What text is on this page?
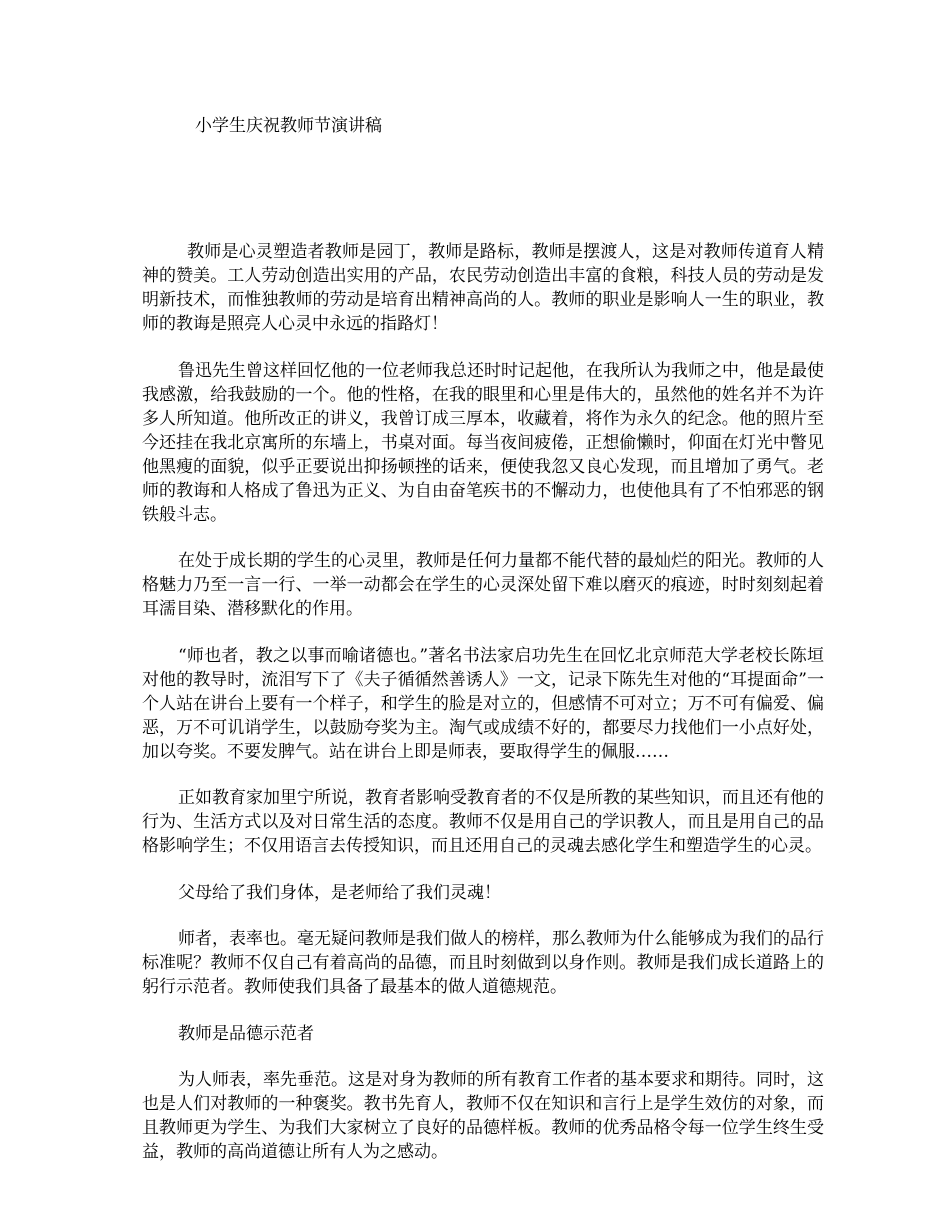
小学生庆祝教师节演讲稿

教师是心灵塑造者教师是园丁，教师是路标，教师是摆渡人，这是对教师传道育人精神的赞美。工人劳动创造出实用的产品，农民劳动创造出丰富的食粮，科技人员的劳动是发明新技术，而惟独教师的劳动是培育出精神高尚的人。教师的职业是影响人一生的职业，教师的教诲是照亮人心灵中永远的指路灯！

鲁迅先生曾这样回忆他的一位老师我总还时时记起他，在我所认为我师之中，他是最使我感激，给我鼓励的一个。他的性格，在我的眼里和心里是伟大的，虽然他的姓名并不为许多人所知道。他所改正的讲义，我曾订成三厚本，收藏着，将作为永久的纪念。他的照片至今还挂在我北京寓所的东墙上，书桌对面。每当夜间疲倦，正想偷懒时，仰面在灯光中瞥见他黑瘦的面貌，似乎正要说出抑扬顿挫的话来，便使我忽又良心发现，而且增加了勇气。老师的教诲和人格成了鲁迅为正义、为自由奋笔疾书的不懈动力，也使他具有了不怕邪恶的钢铁般斗志。

在处于成长期的学生的心灵里，教师是任何力量都不能代替的最灿烂的阳光。教师的人格魅力乃至一言一行、一举一动都会在学生的心灵深处留下难以磨灭的痕迹，时时刻刻起着耳濡目染、潜移默化的作用。

“师也者，教之以事而喻诸德也。”著名书法家启功先生在回忆北京师范大学老校长陈垣对他的教导时，流泪写下了《夫子循循然善诱人》一文，记录下陈先生对他的“耳提面命”一个人站在讲台上要有一个样子，和学生的脸是对立的，但感情不可对立；万不可有偏爱、偏恶，万不可讥诮学生，以鼓励夸奖为主。淘气或成绩不好的，都要尽力找他们一小点好处，加以夸奖。不要发脾气。站在讲台上即是师表，要取得学生的佩服……

正如教育家加里宁所说，教育者影响受教育者的不仅是所教的某些知识，而且还有他的行为、生活方式以及对日常生活的态度。教师不仅是用自己的学识教人，而且是用自己的品格影响学生；不仅用语言去传授知识，而且还用自己的灵魂去感化学生和塑造学生的心灵。

父母给了我们身体，是老师给了我们灵魂！

师者，表率也。毫无疑问教师是我们做人的榜样，那么教师为什么能够成为我们的品行标准呢？教师不仅自己有着高尚的品德，而且时刻做到以身作则。教师是我们成长道路上的躬行示范者。教师使我们具备了最基本的做人道德规范。

教师是品德示范者

为人师表，率先垂范。这是对身为教师的所有教育工作者的基本要求和期待。同时，这也是人们对教师的一种褒奖。教书先育人，教师不仅在知识和言行上是学生效仿的对象，而且教师更为学生、为我们大家树立了良好的品德样板。教师的优秀品格令每一位学生终生受益，教师的高尚道德让所有人为之感动。
